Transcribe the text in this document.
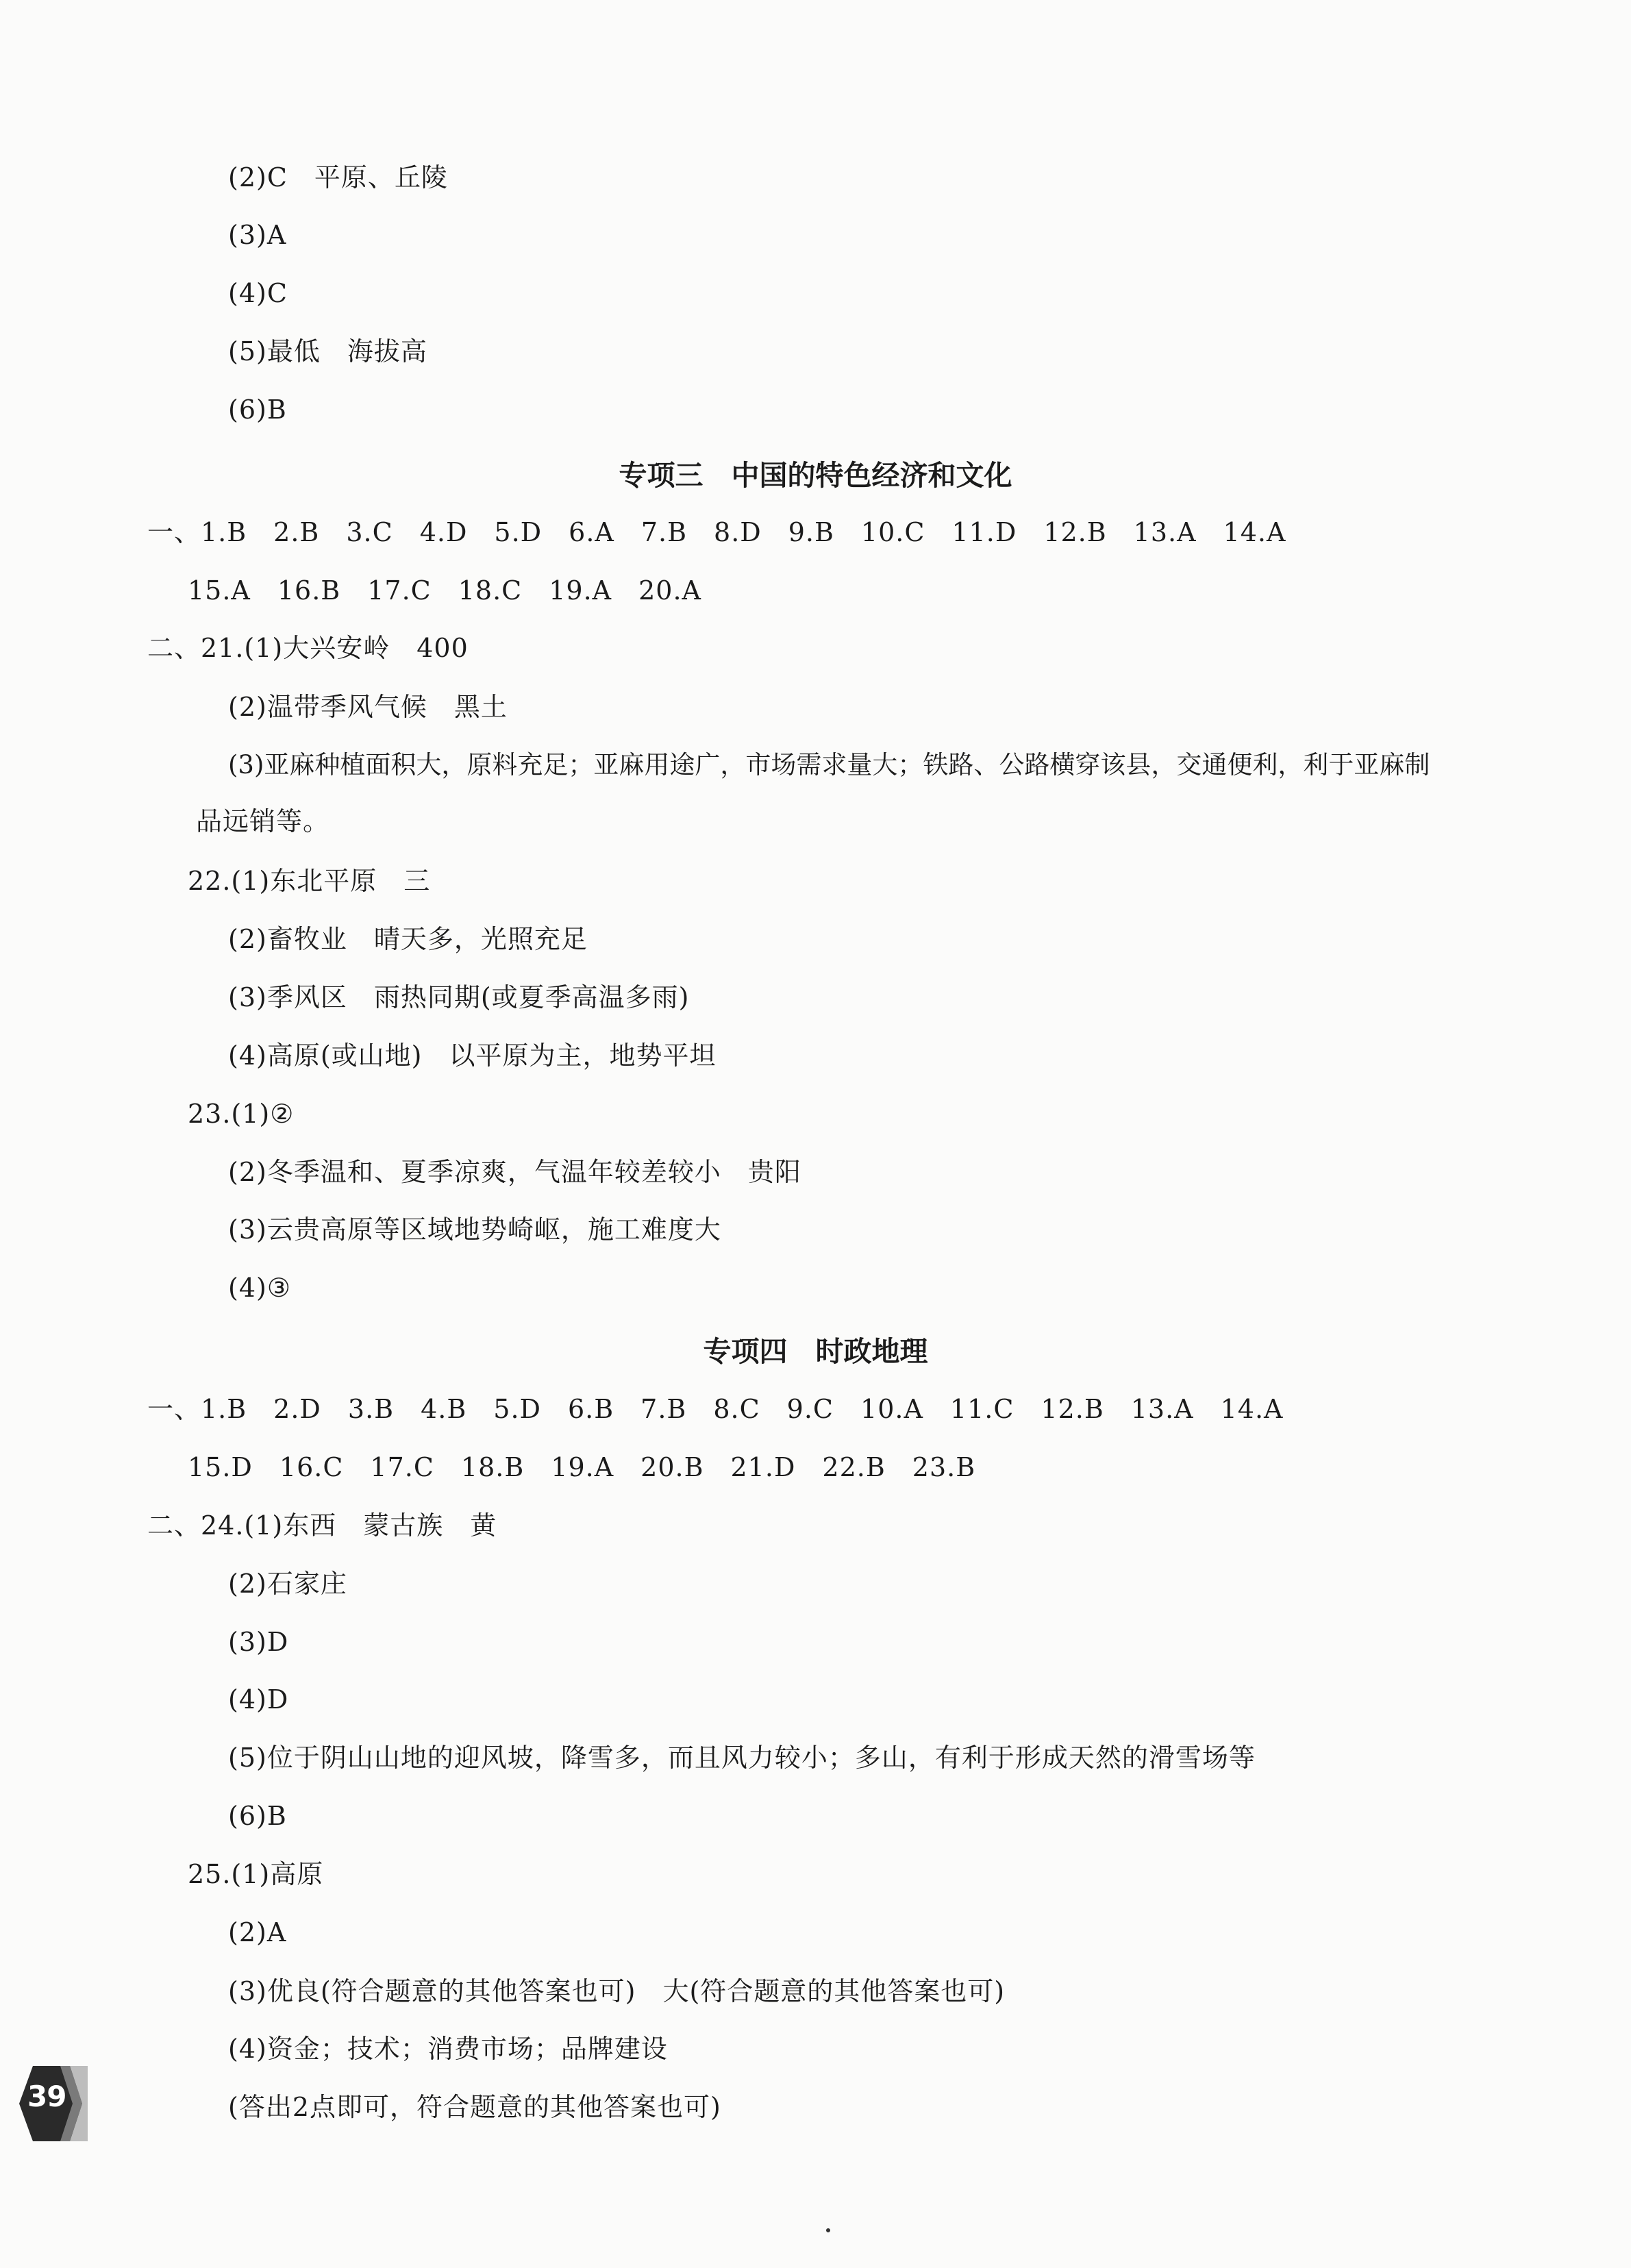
(2)C　平原、丘陵
(3)A
(4)C
(5)最低　海拔高
(6)B
专项三　中国的特色经济和文化
一、1.B　2.B　3.C　4.D　5.D　6.A　7.B　8.D　9.B　10.C　11.D　12.B　13.A　14.A
15.A　16.B　17.C　18.C　19.A　20.A
二、21.(1)大兴安岭　400
(2)温带季风气候　黑土
(3)亚麻种植面积大，原料充足；亚麻用途广，市场需求量大；铁路、公路横穿该县，交通便利，利于亚麻制
品远销等。
22.(1)东北平原　三
(2)畜牧业　晴天多，光照充足
(3)季风区　雨热同期(或夏季高温多雨)
(4)高原(或山地)　以平原为主，地势平坦
23.(1)②
(2)冬季温和、夏季凉爽，气温年较差较小　贵阳
(3)云贵高原等区域地势崎岖，施工难度大
(4)③
专项四　时政地理
一、1.B　2.D　3.B　4.B　5.D　6.B　7.B　8.C　9.C　10.A　11.C　12.B　13.A　14.A
15.D　16.C　17.C　18.B　19.A　20.B　21.D　22.B　23.B
二、24.(1)东西　蒙古族　黄
(2)石家庄
(3)D
(4)D
(5)位于阴山山地的迎风坡，降雪多，而且风力较小；多山，有利于形成天然的滑雪场等
(6)B
25.(1)高原
(2)A
(3)优良(符合题意的其他答案也可)　大(符合题意的其他答案也可)
(4)资金；技术；消费市场；品牌建设
(答出2点即可，符合题意的其他答案也可)
39
